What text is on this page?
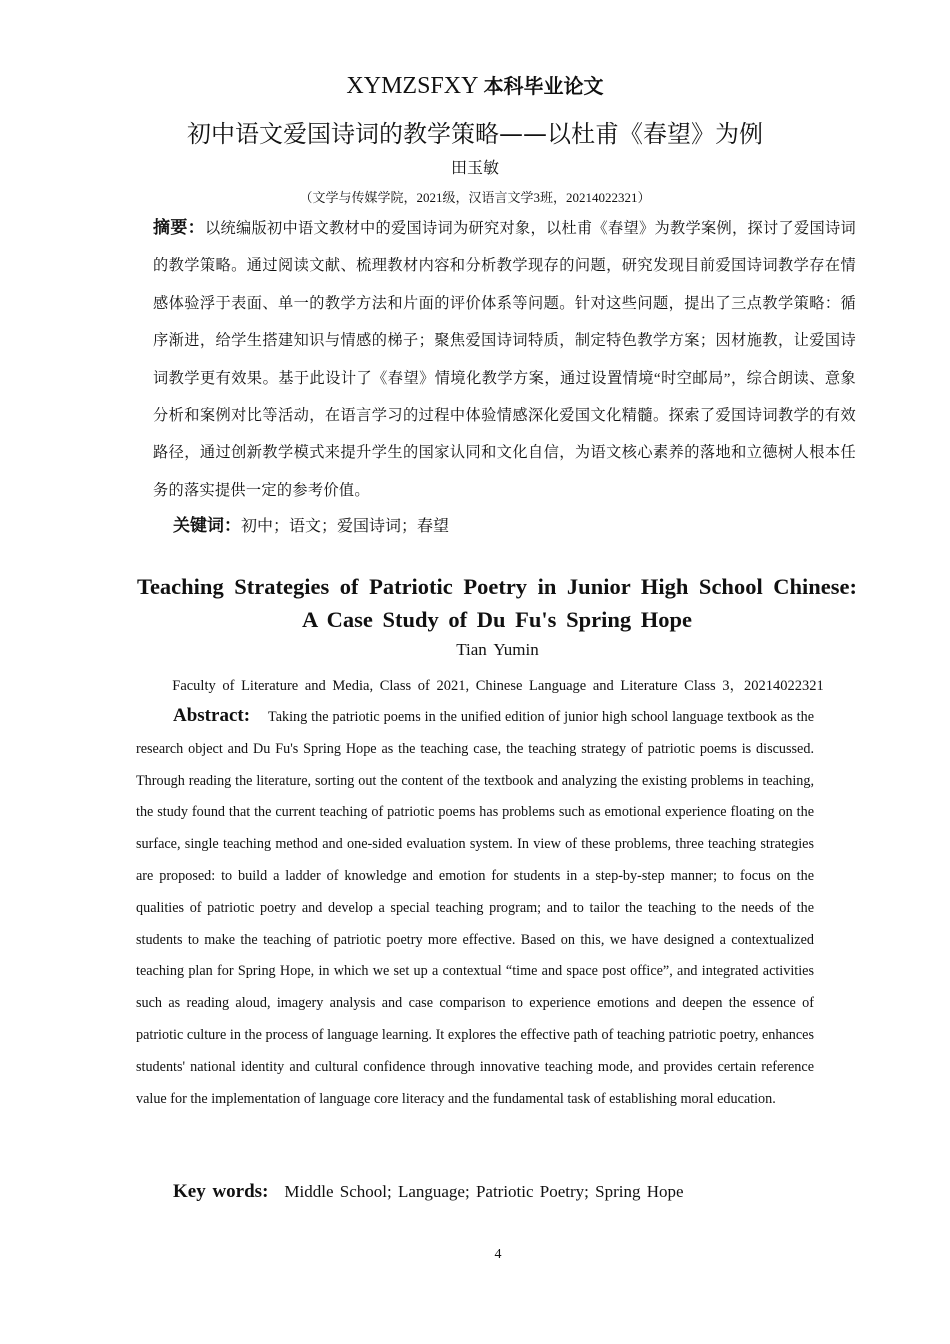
XYMZSFXY 本科毕业论文
初中语文爱国诗词的教学策略——以杜甫《春望》为例
田玉敏
（文学与传媒学院，2021级，汉语言文学3班，20214022321）
摘要：以统编版初中语文教材中的爱国诗词为研究对象，以杜甫《春望》为教学案例，探讨了爱国诗词的教学策略。通过阅读文献、梳理教材内容和分析教学现存的问题，研究发现目前爱国诗词教学存在情感体验浮于表面、单一的教学方法和片面的评价体系等问题。针对这些问题，提出了三点教学策略：循序渐进，给学生搭建知识与情感的梯子；聚焦爱国诗词特质，制定特色教学方案；因材施教，让爱国诗词教学更有效果。基于此设计了《春望》情境化教学方案，通过设置情境“时空邮局”，综合朗读、意象分析和案例对比等活动，在语言学习的过程中体验情感深化爱国文化精髓。探索了爱国诗词教学的有效路径，通过创新教学模式来提升学生的国家认同和文化自信，为语文核心素养的落地和立德树人根本任务的落实提供一定的参考价值。
关键词：初中；语文；爱国诗词；春望
Teaching Strategies of Patriotic Poetry in Junior High School Chinese:
A Case Study of Du Fu's Spring Hope
Tian Yumin
Faculty of Literature and Media, Class of 2021, Chinese Language and Literature Class 3，20214022321
Abstract: Taking the patriotic poems in the unified edition of junior high school language textbook as the research object and Du Fu's Spring Hope as the teaching case, the teaching strategy of patriotic poems is discussed. Through reading the literature, sorting out the content of the textbook and analyzing the existing problems in teaching, the study found that the current teaching of patriotic poems has problems such as emotional experience floating on the surface, single teaching method and one-sided evaluation system. In view of these problems, three teaching strategies are proposed: to build a ladder of knowledge and emotion for students in a step-by-step manner; to focus on the qualities of patriotic poetry and develop a special teaching program; and to tailor the teaching to the needs of the students to make the teaching of patriotic poetry more effective. Based on this, we have designed a contextualized teaching plan for Spring Hope, in which we set up a contextual “time and space post office”, and integrated activities such as reading aloud, imagery analysis and case comparison to experience emotions and deepen the essence of patriotic culture in the process of language learning. It explores the effective path of teaching patriotic poetry, enhances students' national identity and cultural confidence through innovative teaching mode, and provides certain reference value for the implementation of language core literacy and the fundamental task of establishing moral education.
Key words: Middle School; Language; Patriotic Poetry; Spring Hope
4
